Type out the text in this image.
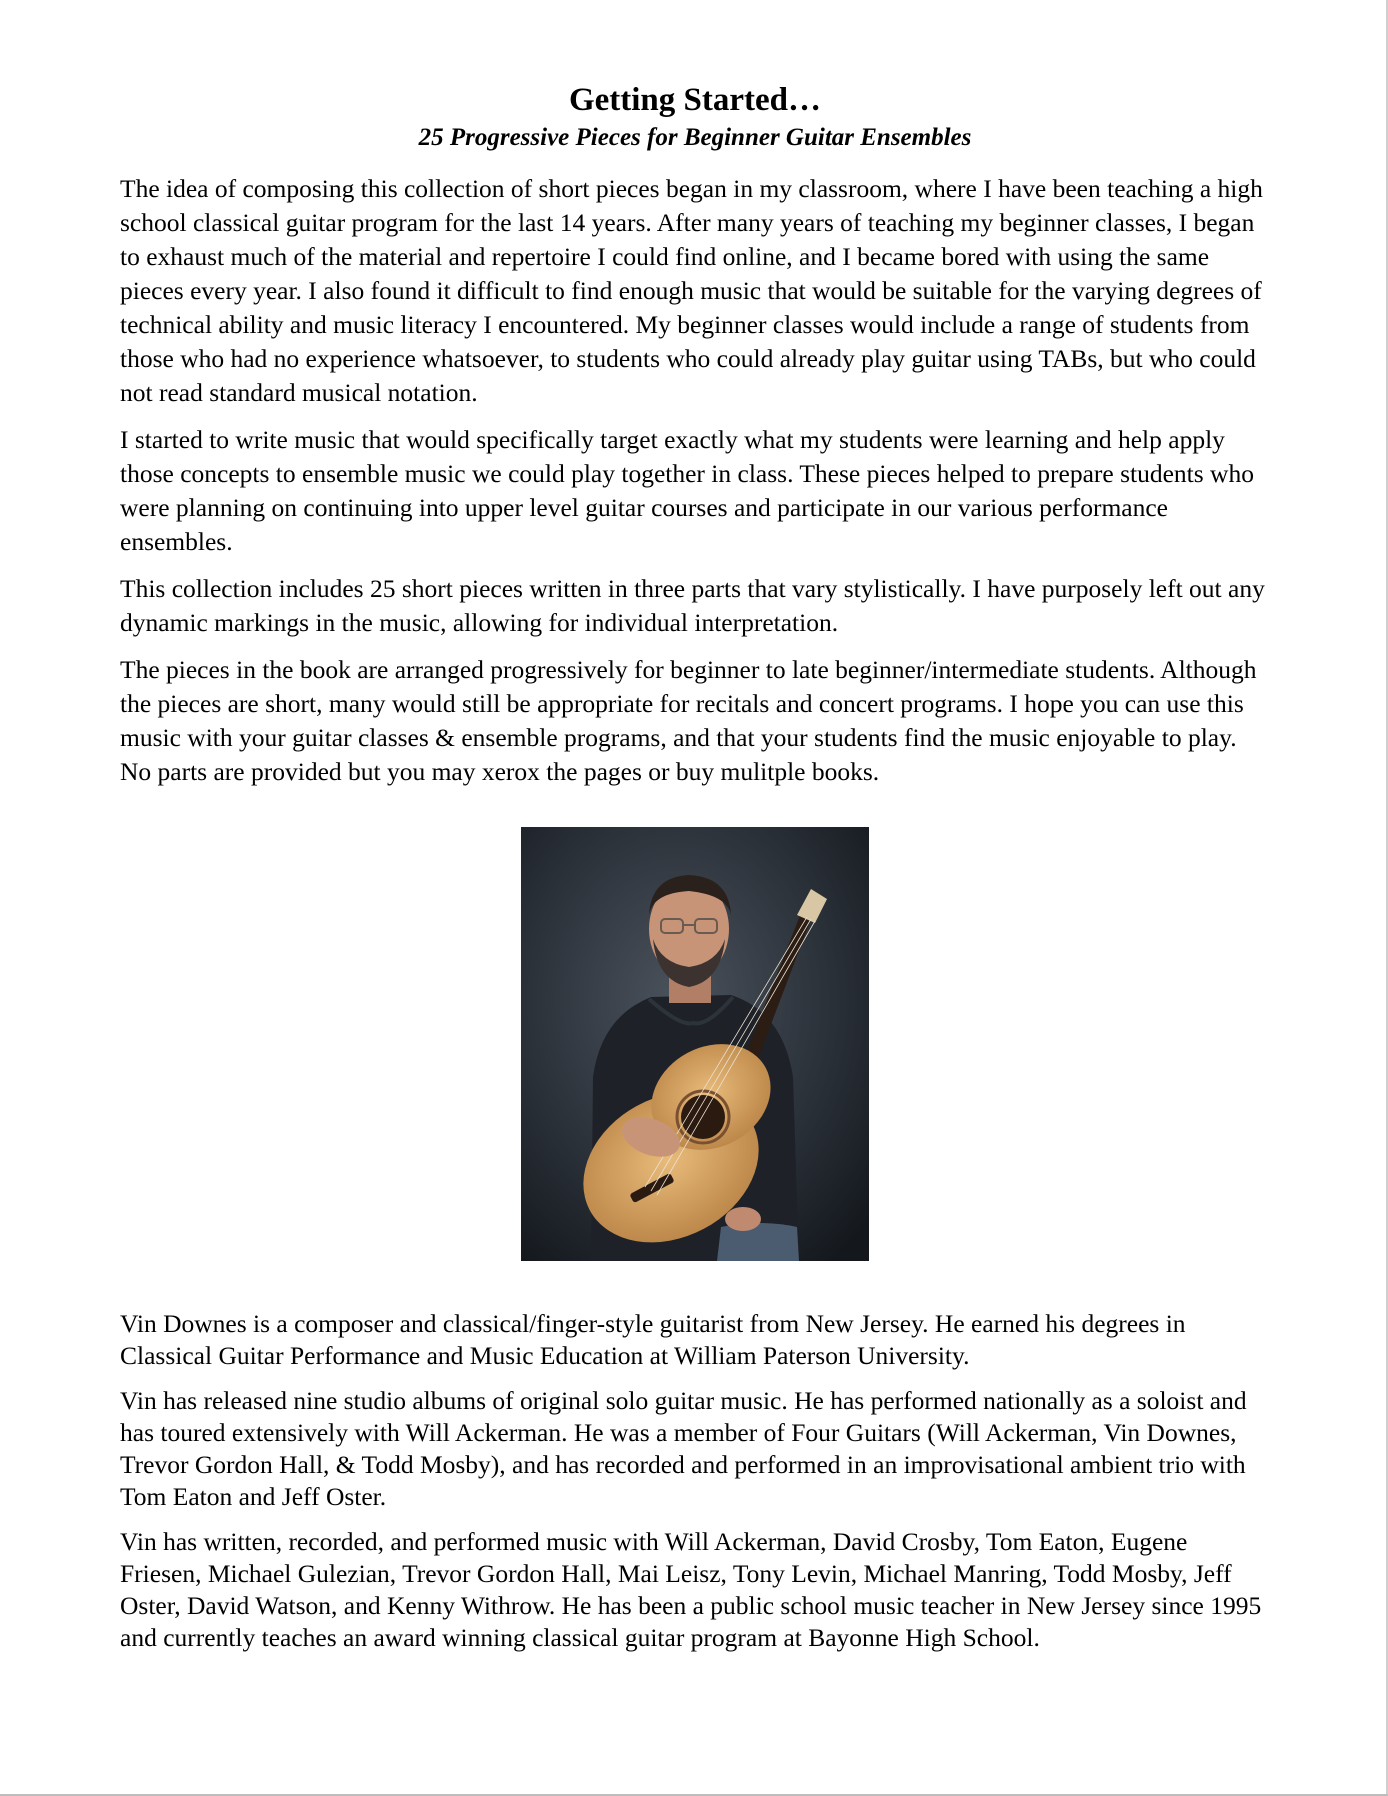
Getting Started…

25 Progressive Pieces for Beginner Guitar Ensembles

The idea of composing this collection of short pieces began in my classroom, where I have been teaching a high school classical guitar program for the last 14 years. After many years of teaching my beginner classes, I began to exhaust much of the material and repertoire I could find online, and I became bored with using the same pieces every year. I also found it difficult to find enough music that would be suitable for the varying degrees of technical ability and music literacy I encountered. My beginner classes would include a range of students from those who had no experience whatsoever, to students who could already play guitar using TABs, but who could not read standard musical notation.

I started to write music that would specifically target exactly what my students were learning and help apply those concepts to ensemble music we could play together in class. These pieces helped to prepare students who were planning on continuing into upper level guitar courses and participate in our various performance ensembles.

This collection includes 25 short pieces written in three parts that vary stylistically. I have purposely left out any dynamic markings in the music, allowing for individual interpretation.

The pieces in the book are arranged progressively for beginner to late beginner/intermediate students. Although the pieces are short, many would still be appropriate for recitals and concert programs. I hope you can use this music with your guitar classes & ensemble programs, and that your students find the music enjoyable to play. No parts are provided but you may xerox the pages or buy mulitple books.

Vin Downes is a composer and classical/finger-style guitarist from New Jersey. He earned his degrees in Classical Guitar Performance and Music Education at William Paterson University.

Vin has released nine studio albums of original solo guitar music. He has performed nationally as a soloist and has toured extensively with Will Ackerman. He was a member of Four Guitars (Will Ackerman, Vin Downes, Trevor Gordon Hall, & Todd Mosby), and has recorded and performed in an improvisational ambient trio with Tom Eaton and Jeff Oster.

Vin has written, recorded, and performed music with Will Ackerman, David Crosby, Tom Eaton, Eugene Friesen, Michael Gulezian, Trevor Gordon Hall, Mai Leisz, Tony Levin, Michael Manring, Todd Mosby, Jeff Oster, David Watson, and Kenny Withrow. He has been a public school music teacher in New Jersey since 1995 and currently teaches an award winning classical guitar program at Bayonne High School.
